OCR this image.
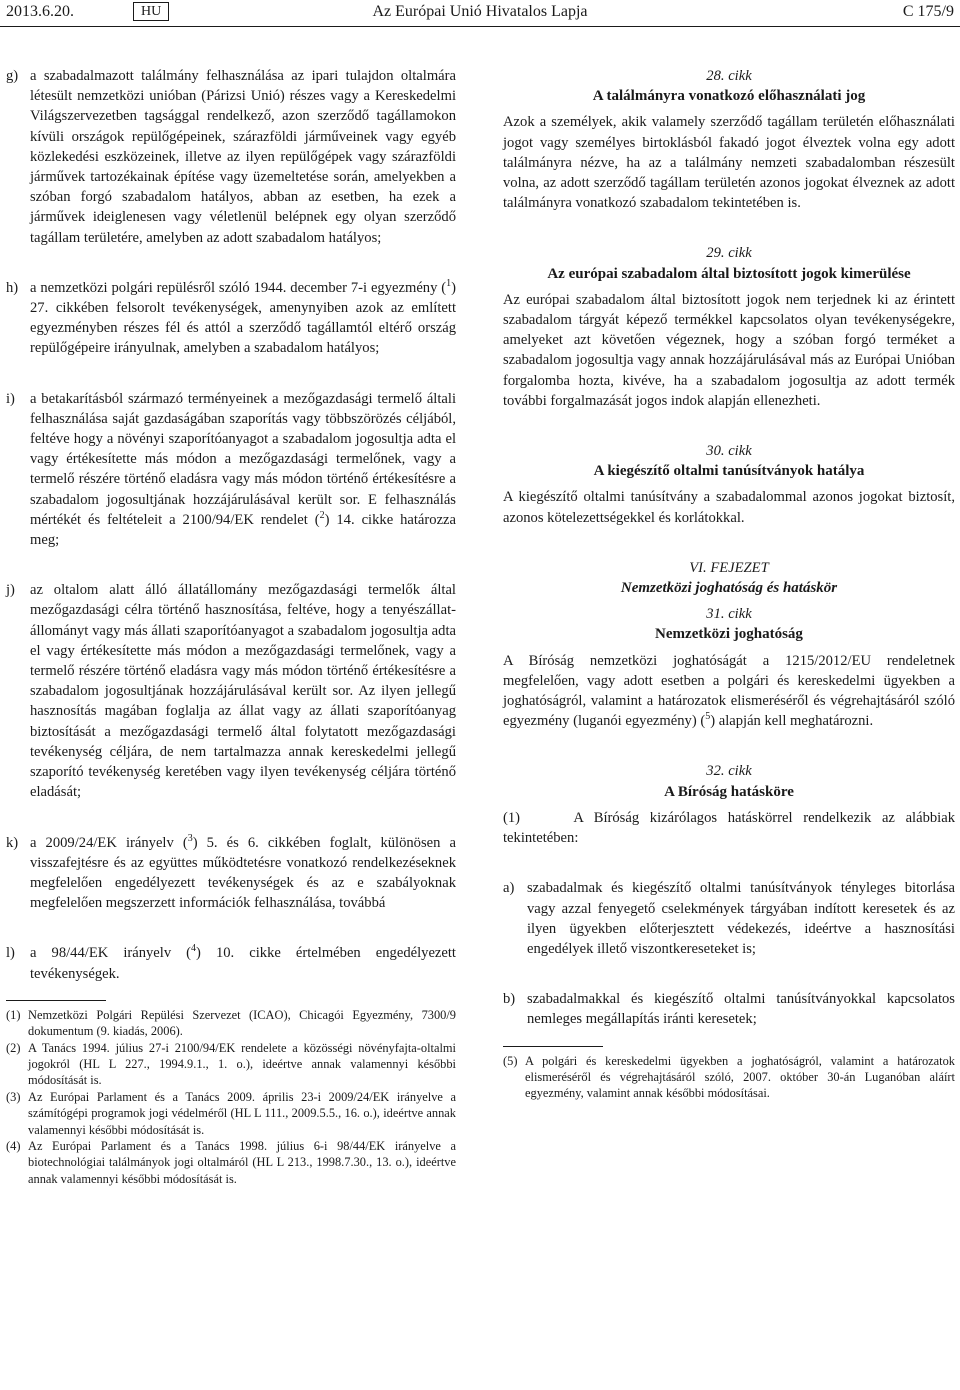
2013.6.20.	HU	Az Európai Unió Hivatalos Lapja	C 175/9
g) a szabadalmazott találmány felhasználása az ipari tulajdon oltalmára létesült nemzetközi unióban (Párizsi Unió) részes vagy a Kereskedelmi Világszervezetben tagsággal rendelkező, azon szerződő tagállamokon kívüli országok repülőgépeinek, szárazföldi járműveinek vagy egyéb közlekedési eszközeinek, illetve az ilyen repülőgépek vagy szárazföldi járművek tartozékainak építése vagy üzemeltetése során, amelyekben a szóban forgó szabadalom hatályos, abban az esetben, ha ezek a járművek ideiglenesen vagy véletlenül belépnek egy olyan szerződő tagállam területére, amelyben az adott szabadalom hatályos;
h) a nemzetközi polgári repülésről szóló 1944. december 7-i egyezmény ($^1$) 27. cikkében felsorolt tevékenységek, amenynyiben azok az említett egyezményben részes fél és attól a szerződő tagállamtól eltérő ország repülőgépeire irányulnak, amelyben a szabadalom hatályos;
i)	a betakarításból származó terményeinek a mezőgazdasági termelő általi felhasználása saját gazdaságában szaporítás vagy többszörözés céljából, feltéve hogy a növényi szaporítóanyagot a szabadalom jogosultja adta el vagy értékesítette más módon a mezőgazdasági termelőnek, vagy a termelő részére történő eladásra vagy más módon történő értékesítésre a szabadalom jogosultjának hozzájárulásával került sor. E felhasználás mértékét és feltételeit a 2100/94/EK rendelet ($^2$) 14. cikke határozza meg;
j)	az oltalom alatt álló állatállomány mezőgazdasági termelők által mezőgazdasági célra történő hasznosítása, feltéve, hogy a tenyészállat-állományt vagy más állati szaporítóanyagot a szabadalom jogosultja adta el vagy értékesítette más módon a mezőgazdasági termelőnek, vagy a termelő részére történő eladásra vagy más módon történő értékesítésre a szabadalom jogosultjának hozzájárulásával került sor. Az ilyen jellegű hasznosítás magában foglalja az állat vagy az állati szaporítóanyag biztosítását a mezőgazdasági termelő által folytatott mezőgazdasági tevékenység céljára, de nem tartalmazza annak kereskedelmi jellegű szaporító tevékenység keretében vagy ilyen tevékenység céljára történő eladását;
k) a 2009/24/EK irányelv ($^3$) 5. és 6. cikkében foglalt, különösen a visszafejtésre és az együttes működtetésre vonatkozó rendelkezéseknek megfelelően engedélyezett tevékenységek és az e szabályoknak megfelelően megszerzett információk felhasználása, továbbá
l)	a 98/44/EK irányelv ($^4$) 10. cikke értelmében engedélyezett tevékenységek.
(1) Nemzetközi Polgári Repülési Szervezet (ICAO), Chicagói Egyezmény, 7300/9 dokumentum (9. kiadás, 2006).
(2) A Tanács 1994. július 27-i 2100/94/EK rendelete a közösségi növényfajta-oltalmi jogokról (HL L 227., 1994.9.1., 1. o.), ideértve annak valamennyi későbbi módosítását is.
(3) Az Európai Parlament és a Tanács 2009. április 23-i 2009/24/EK irányelve a számítógépi programok jogi védelméről (HL L 111., 2009.5.5., 16. o.), ideértve annak valamennyi későbbi módosítását is.
(4) Az Európai Parlament és a Tanács 1998. július 6-i 98/44/EK irányelve a biotechnológiai találmányok jogi oltalmáról (HL L 213., 1998.7.30., 13. o.), ideértve annak valamennyi későbbi módosítását is.
28. cikk
A találmányra vonatkozó előhasználati jog

Azok a személyek, akik valamely szerződő tagállam területén előhasználati jogot vagy személyes birtoklásból fakadó jogot élveztek volna egy adott találmányra nézve, ha az a találmány nemzeti szabadalomban részesült volna, az adott szerződő tagállam területén azonos jogokat élveznek az adott találmányra vonatkozó szabadalom tekintetében is.

29. cikk
Az európai szabadalom által biztosított jogok kimerülése

Az európai szabadalom által biztosított jogok nem terjednek ki az érintett szabadalom tárgyát képező termékkel kapcsolatos olyan tevékenységekre, amelyeket azt követően végeznek, hogy a szóban forgó terméket a szabadalom jogosultja vagy annak hozzájárulásával más az Európai Unióban forgalomba hozta, kivéve, ha a szabadalom jogosultja az adott termék további forgalmazását jogos indok alapján ellenezheti.

30. cikk
A kiegészítő oltalmi tanúsítványok hatálya

A kiegészítő oltalmi tanúsítvány a szabadalommal azonos jogokat biztosít, azonos kötelezettségekkel és korlátokkal.

VI. FEJEZET
Nemzetközi joghatóság és hatáskör
31. cikk
Nemzetközi joghatóság

A Bíróság nemzetközi joghatóságát a 1215/2012/EU rendeletnek megfelelően, vagy adott esetben a polgári és kereskedelmi ügyekben a joghatóságról, valamint a határozatok elismeréséről és végrehajtásáról szóló egyezmény (luganói egyezmény) ($^5$) alapján kell meghatározni.

32. cikk
A Bíróság hatásköre

(1)	A Bíróság kizárólagos hatáskörrel rendelkezik az alábbiak tekintetében:

a) szabadalmak és kiegészítő oltalmi tanúsítványok tényleges bitorlása vagy azzal fenyegető cselekmények tárgyában indított keresetek és az ilyen ügyekben előterjesztett védekezés, ideértve a hasznosítási engedélyek illető viszontkereseteket is;
b) szabadalmakkal és kiegészítő oltalmi tanúsítványokkal kapcsolatos nemleges megállapítás iránti keresetek;
(5) A polgári és kereskedelmi ügyekben a joghatóságról, valamint a határozatok elismeréséről és végrehajtásáról szóló, 2007. október 30-án Luganóban aláírt egyezmény, valamint annak későbbi módosításai.
